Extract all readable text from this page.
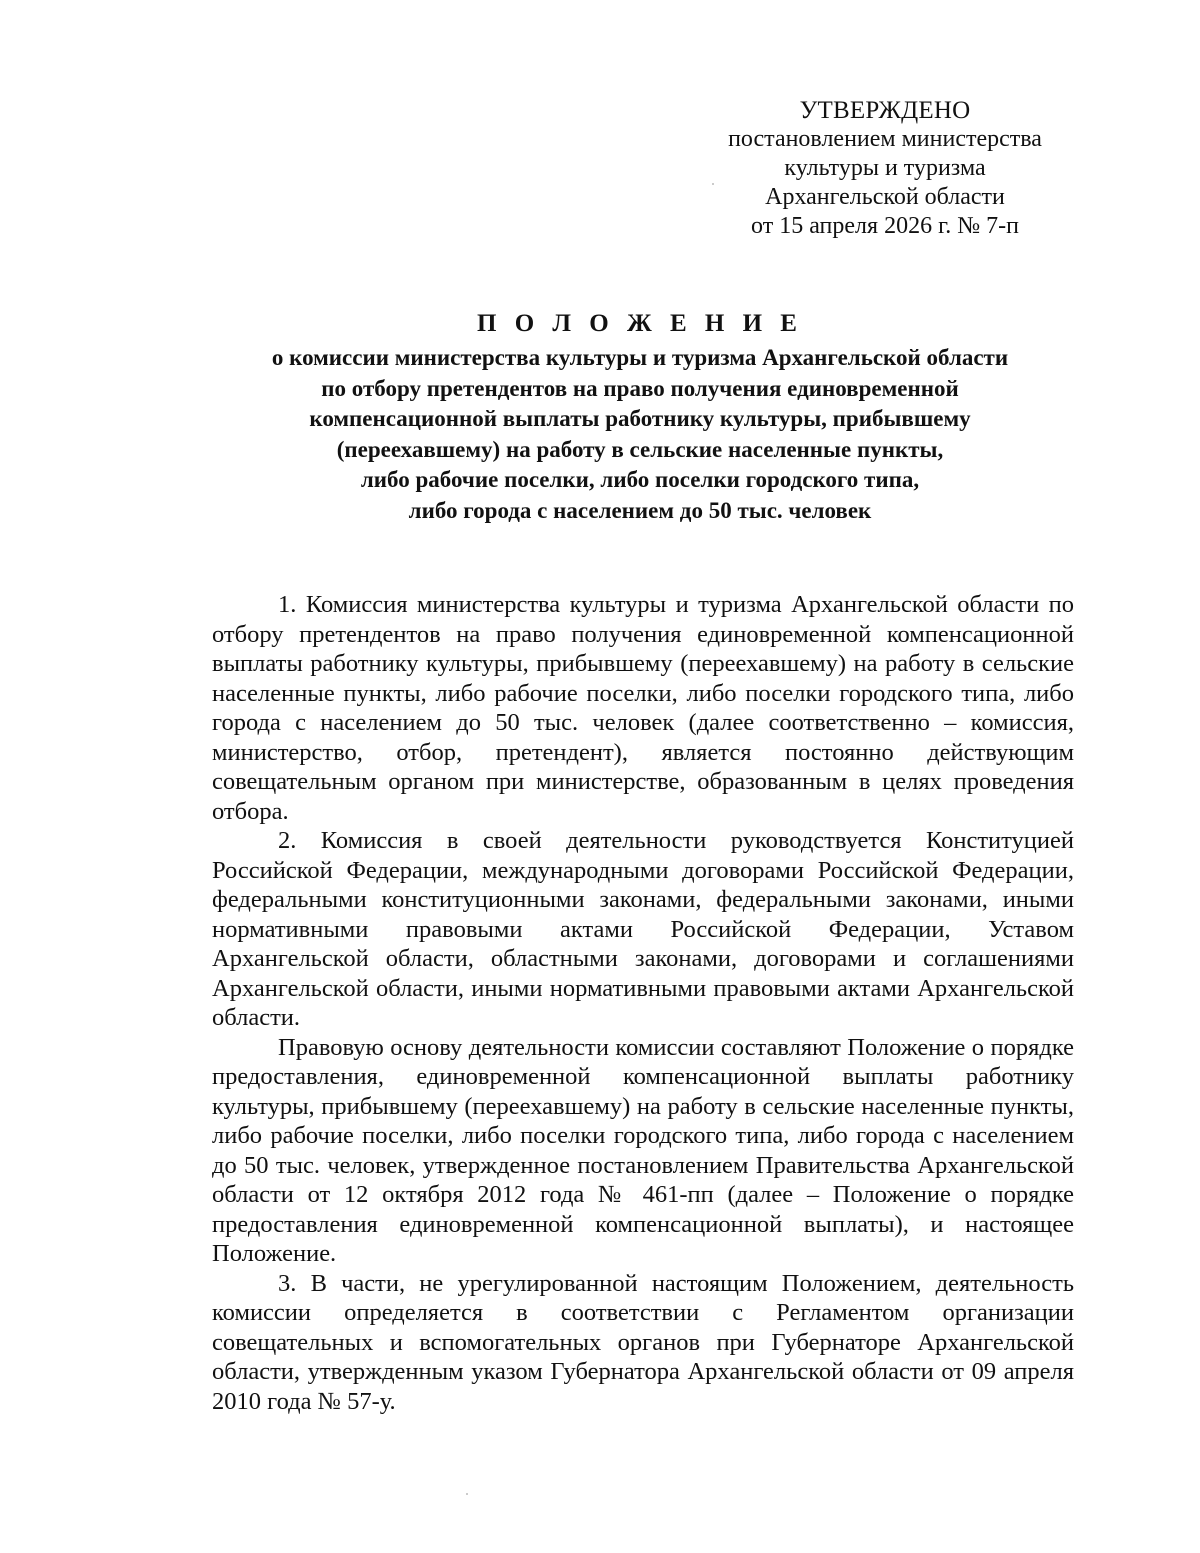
УТВЕРЖДЕНО
постановлением министерства
культуры и туризма
Архангельской области
от 15 апреля 2026 г. № 7-п
П О Л О Ж Е Н И Е
о комиссии министерства культуры и туризма Архангельской области
по отбору претендентов на право получения единовременной
компенсационной выплаты работнику культуры, прибывшему
(переехавшему) на работу в сельские населенные пункты,
либо рабочие поселки, либо поселки городского типа,
либо города с населением до 50 тыс. человек

1. Комиссия министерства культуры и туризма Архангельской области по отбору претендентов на право получения единовременной компенсационной выплаты работнику культуры, прибывшему (переехавшему) на работу в сельские населенные пункты, либо рабочие поселки, либо поселки городского типа, либо города с населением до 50 тыс. человек (далее соответственно – комиссия, министерство, отбор, претендент), является постоянно действующим совещательным органом при министерстве, образованным в целях проведения отбора.

2. Комиссия в своей деятельности руководствуется Конституцией Российской Федерации, международными договорами Российской Федерации, федеральными конституционными законами, федеральными законами, иными нормативными правовыми актами Российской Федерации, Уставом Архангельской области, областными законами, договорами и соглашениями Архангельской области, иными нормативными правовыми актами Архангельской области.

Правовую основу деятельности комиссии составляют Положение о порядке предоставления, единовременной компенсационной выплаты работнику культуры, прибывшему (переехавшему) на работу в сельские населенные пункты, либо рабочие поселки, либо поселки городского типа, либо города с населением до 50 тыс. человек, утвержденное постановлением Правительства Архангельской области от 12 октября 2012 года № 461-пп (далее – Положение о порядке предоставления единовременной компенсационной выплаты), и настоящее Положение.

3. В части, не урегулированной настоящим Положением, деятельность комиссии определяется в соответствии с Регламентом организации совещательных и вспомогательных органов при Губернаторе Архангельской области, утвержденным указом Губернатора Архангельской области от 09 апреля 2010 года № 57-у.
